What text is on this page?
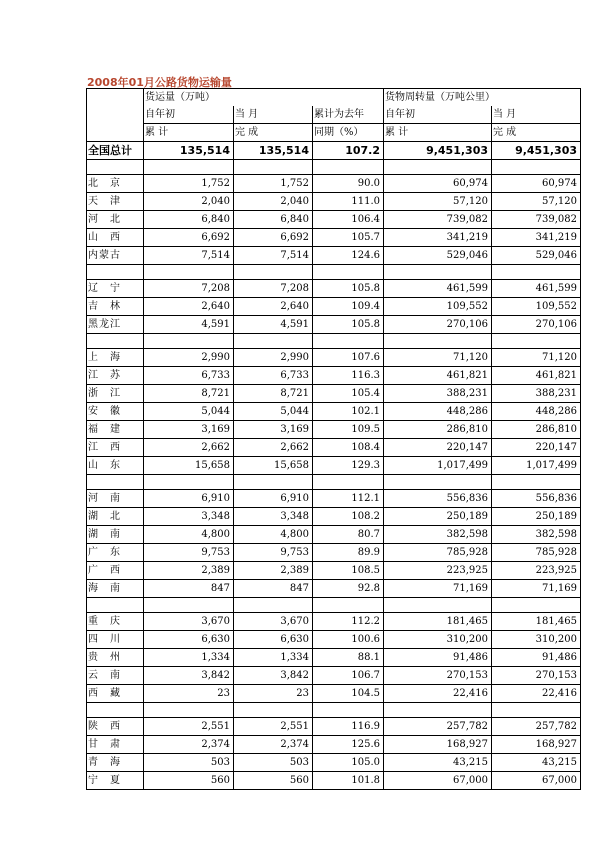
2008年01月公路货物运输量
	货运量（万吨）			货物周转量（万吨公里）	
	自年初	当 月	累计为去年	自年初	当 月
	累 计	完 成	同期（%）	累 计	完 成
全国总计	135,514	135,514	107.2	9,451,303	9,451,303

北　京	1,752	1,752	90.0	60,974	60,974
天　津	2,040	2,040	111.0	57,120	57,120
河　北	6,840	6,840	106.4	739,082	739,082
山　西	6,692	6,692	105.7	341,219	341,219
内蒙古	7,514	7,514	124.6	529,046	529,046

辽　宁	7,208	7,208	105.8	461,599	461,599
吉　林	2,640	2,640	109.4	109,552	109,552
黑龙江	4,591	4,591	105.8	270,106	270,106

上　海	2,990	2,990	107.6	71,120	71,120
江　苏	6,733	6,733	116.3	461,821	461,821
浙　江	8,721	8,721	105.4	388,231	388,231
安　徽	5,044	5,044	102.1	448,286	448,286
福　建	3,169	3,169	109.5	286,810	286,810
江　西	2,662	2,662	108.4	220,147	220,147
山　东	15,658	15,658	129.3	1,017,499	1,017,499

河　南	6,910	6,910	112.1	556,836	556,836
湖　北	3,348	3,348	108.2	250,189	250,189
湖　南	4,800	4,800	80.7	382,598	382,598
广　东	9,753	9,753	89.9	785,928	785,928
广　西	2,389	2,389	108.5	223,925	223,925
海　南	847	847	92.8	71,169	71,169

重　庆	3,670	3,670	112.2	181,465	181,465
四　川	6,630	6,630	100.6	310,200	310,200
贵　州	1,334	1,334	88.1	91,486	91,486
云　南	3,842	3,842	106.7	270,153	270,153
西　藏	23	23	104.5	22,416	22,416

陕　西	2,551	2,551	116.9	257,782	257,782
甘　肃	2,374	2,374	125.6	168,927	168,927
青　海	503	503	105.0	43,215	43,215
宁　夏	560	560	101.8	67,000	67,000
